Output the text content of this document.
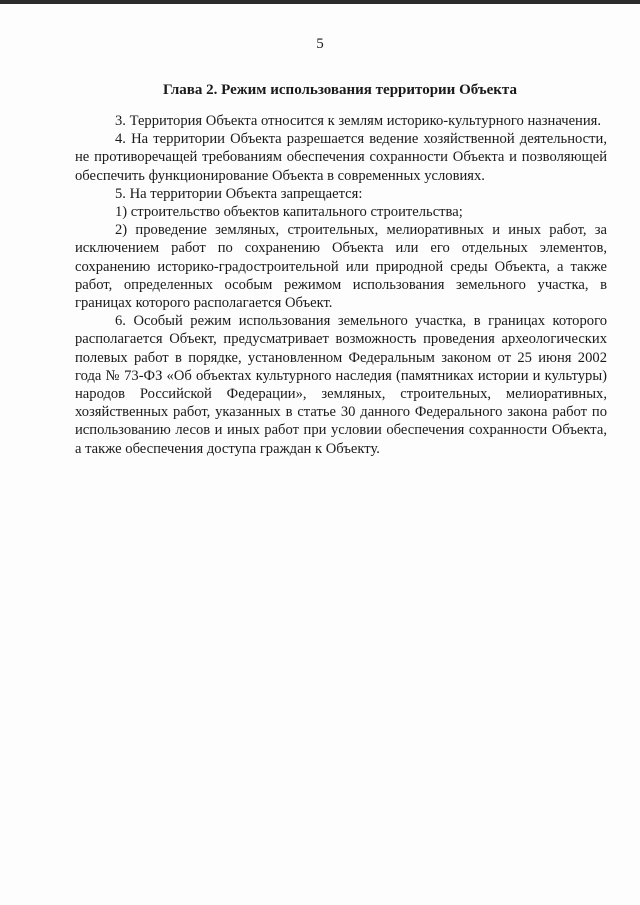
5
Глава 2. Режим использования территории Объекта

3. Территория Объекта относится к землям историко-культурного назначения.

4. На территории Объекта разрешается ведение хозяйственной деятельности, не противоречащей требованиям обеспечения сохранности Объекта и позволяющей обеспечить функционирование Объекта в современных условиях.

5. На территории Объекта запрещается:

1) строительство объектов капитального строительства;

2) проведение земляных, строительных, мелиоративных и иных работ, за исключением работ по сохранению Объекта или его отдельных элементов, сохранению историко-градостроительной или природной среды Объекта, а также работ, определенных особым режимом использования земельного участка, в границах которого располагается Объект.

6. Особый режим использования земельного участка, в границах которого располагается Объект, предусматривает возможность проведения археологических полевых работ в порядке, установленном Федеральным законом от 25 июня 2002 года № 73-ФЗ «Об объектах культурного наследия (памятниках истории и культуры) народов Российской Федерации», земляных, строительных, мелиоративных, хозяйственных работ, указанных в статье 30 данного Федерального закона работ по использованию лесов и иных работ при условии обеспечения сохранности Объекта, а также обеспечения доступа граждан к Объекту.
